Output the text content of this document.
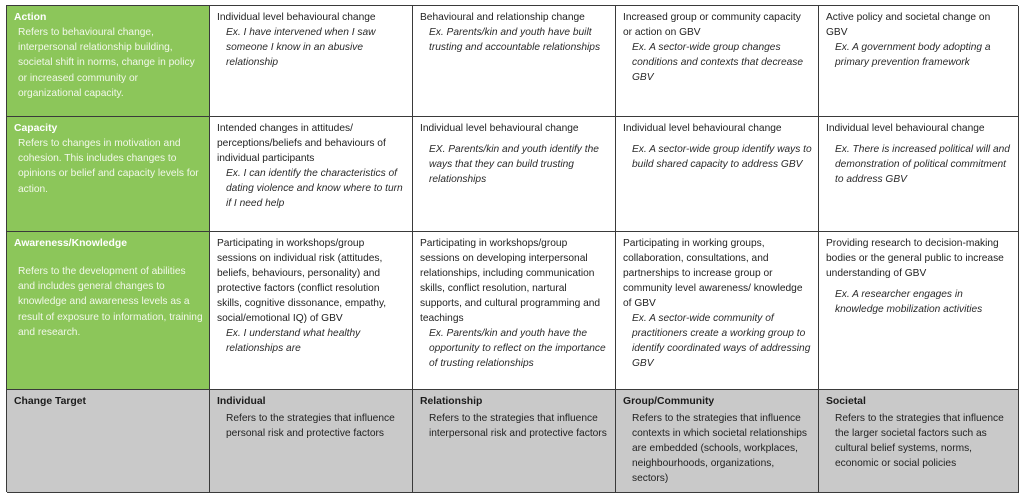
Action
Refers to behavioural change, interpersonal relationship building, societal shift in norms, change in policy or increased community or organizational capacity.
Individual level behavioural change
Ex. I have intervened when I saw someone I know in an abusive relationship
Behavioural and relationship change
Ex. Parents/kin and youth have built trusting and accountable relationships
Increased group or community capacity or action on GBV
Ex. A sector-wide group changes conditions and contexts that decrease GBV
Active policy and societal change on GBV
Ex. A government body adopting a primary prevention framework
Capacity
Refers to changes in motivation and cohesion. This includes changes to opinions or belief and capacity levels for action.
Intended changes in attitudes/ perceptions/beliefs and behaviours of individual participants
Ex. I can identify the characteristics of dating violence and know where to turn if I need help
Individual level behavioural change
EX. Parents/kin and youth identify the ways that they can build trusting relationships
Individual level behavioural change
Ex. A sector-wide group identify ways to build shared capacity to address GBV
Individual level behavioural change
Ex. There is increased political will and demonstration of political commitment to address GBV
Awareness/Knowledge
Refers to the development of abilities and includes general changes to knowledge and awareness levels as a result of exposure to information, training and research.
Participating in workshops/group sessions on individual risk (attitudes, beliefs, behaviours, personality) and protective factors (conflict resolution skills, cognitive dissonance, empathy, social/emotional IQ) of GBV
Ex. I understand what healthy relationships are
Participating in workshops/group sessions on developing interpersonal relationships, including communication skills, conflict resolution, nartural supports, and cultural programming and teachings
Ex. Parents/kin and youth have the opportunity to reflect on the importance of trusting relationships
Participating in working groups, collaboration, consultations, and partnerships to increase group or community level awareness/ knowledge of GBV
Ex. A sector-wide community of practitioners create a working group to identify coordinated ways of addressing GBV
Providing research to decision-making bodies or the general public to increase understanding of GBV
Ex. A researcher engages in knowledge mobilization activities
Change Target	Individual
Refers to the strategies that influence personal risk and protective factors
Relationship
Refers to the strategies that influence interpersonal risk and protective factors
Group/Community
Refers to the strategies that influence contexts in which societal relationships are embedded (schools, workplaces, neighbourhoods, organizations, sectors)
Societal
Refers to the strategies that influence the larger societal factors such as cultural belief systems, norms, economic or social policies
